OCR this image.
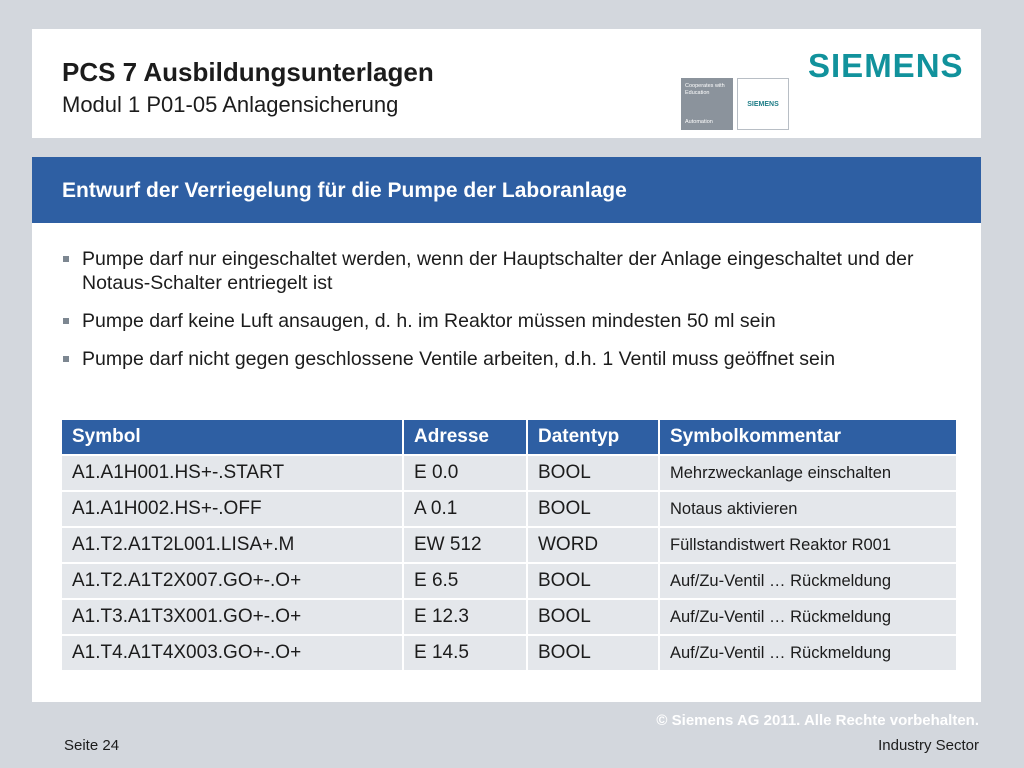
PCS 7 Ausbildungsunterlagen
Modul 1 P01-05 Anlagensicherung
Cooperates with Education
Automation
SIEMENS
SIEMENS
Entwurf der Verriegelung für die Pumpe der Laboranlage
Pumpe darf nur eingeschaltet werden, wenn der Hauptschalter der Anlage eingeschaltet und der Notaus-Schalter entriegelt ist
Pumpe darf keine Luft ansaugen, d. h. im Reaktor müssen mindesten 50 ml sein
Pumpe darf nicht gegen geschlossene Ventile arbeiten, d.h. 1 Ventil muss geöffnet sein
Symbol	Adresse	Datentyp	Symbolkommentar
A1.A1H001.HS+-.START	E 0.0	BOOL	Mehrzweckanlage einschalten
A1.A1H002.HS+-.OFF	A 0.1	BOOL	Notaus aktivieren
A1.T2.A1T2L001.LISA+.M	EW 512	WORD	Füllstandistwert Reaktor R001
A1.T2.A1T2X007.GO+-.O+	E 6.5	BOOL	Auf/Zu-Ventil … Rückmeldung
A1.T3.A1T3X001.GO+-.O+	E 12.3	BOOL	Auf/Zu-Ventil … Rückmeldung
A1.T4.A1T4X003.GO+-.O+	E 14.5	BOOL	Auf/Zu-Ventil … Rückmeldung
© Siemens AG 2011. Alle Rechte vorbehalten.
Seite 24	Industry Sector
